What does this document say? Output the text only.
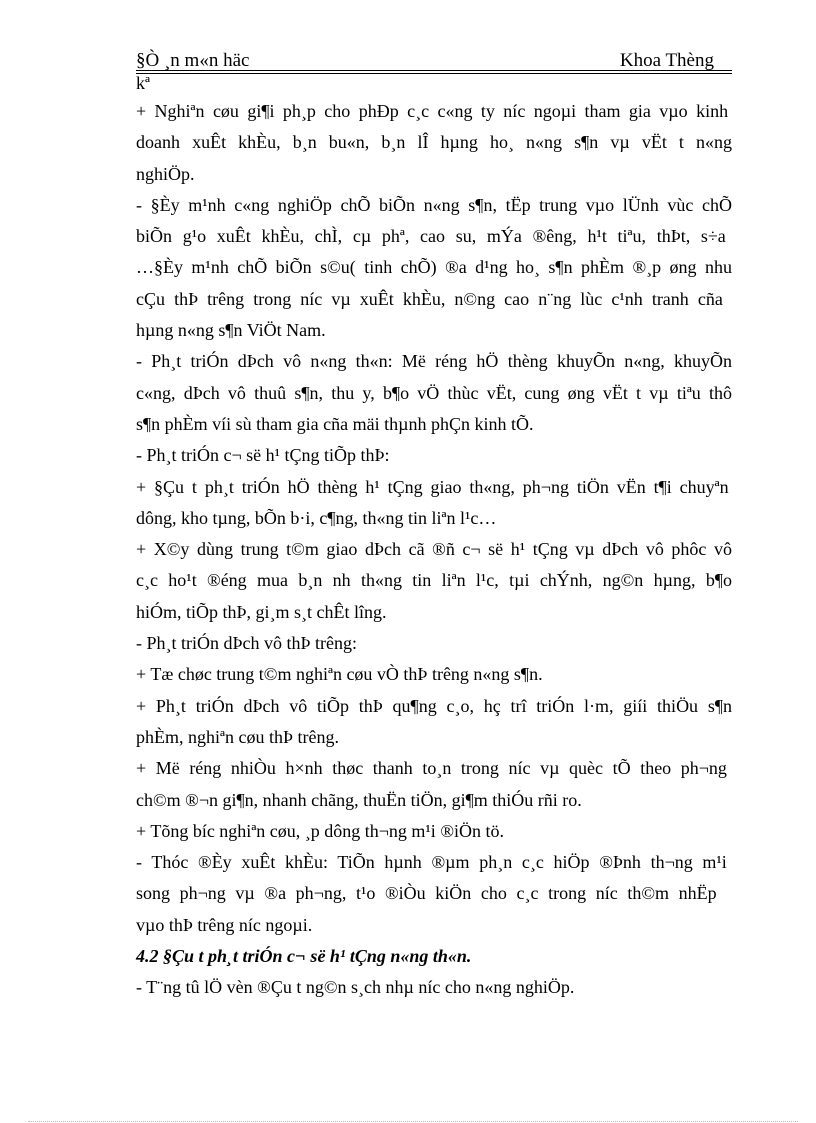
§Ò ¸n m«n häc	Khoa Thèng
kª
+ Nghiªn cøu gi¶i ph¸p cho phÐp c¸c c«ng ty níc ngoµi tham gia vµo kinh
doanh xuÊt khÈu, b¸n bu«n, b¸n lÎ hµng ho¸ n«ng s¶n vµ vËt t n«ng
nghiÖp.
- §Èy m¹nh c«ng nghiÖp chÕ biÕn n«ng s¶n, tËp trung vµo lÜnh vùc chÕ
biÕn g¹o xuÊt khÈu, chÌ, cµ phª, cao su, mÝa ®êng, h¹t tiªu, thÞt, s÷a
…§Èy m¹nh chÕ biÕn s©u( tinh chÕ) ®a d¹ng ho¸ s¶n phÈm ®¸p øng nhu
cÇu thÞ trêng trong níc vµ xuÊt khÈu, n©ng cao n¨ng lùc c¹nh tranh cña
hµng n«ng s¶n ViÖt Nam.
- Ph¸t triÓn dÞch vô n«ng th«n: Më réng hÖ thèng khuyÕn n«ng, khuyÕn
c«ng, dÞch vô thuû s¶n, thu y, b¶o vÖ thùc vËt, cung øng vËt t vµ tiªu thô
s¶n phÈm víi sù tham gia cña mäi thµnh phÇn kinh tÕ.
- Ph¸t triÓn c¬ së h¹ tÇng tiÕp thÞ:
+ §Çu t ph¸t triÓn hÖ thèng h¹ tÇng giao th«ng, ph¬ng tiÖn vËn t¶i chuyªn
dông, kho tµng, bÕn b·i, c¶ng, th«ng tin liªn l¹c…
+ X©y dùng trung t©m giao dÞch cã ®ñ c¬ së h¹ tÇng vµ dÞch vô phôc vô
c¸c ho¹t ®éng mua b¸n nh th«ng tin liªn l¹c, tµi chÝnh, ng©n hµng, b¶o
hiÓm, tiÕp thÞ, gi¸m s¸t chÊt lîng.
- Ph¸t triÓn dÞch vô thÞ trêng:
+ Tæ chøc trung t©m nghiªn cøu vÒ thÞ trêng n«ng s¶n.
+ Ph¸t triÓn dÞch vô tiÕp thÞ qu¶ng c¸o, hç trî triÓn l·m, giíi thiÖu s¶n
phÈm, nghiªn cøu thÞ trêng.
+ Më réng nhiÒu h×nh thøc thanh to¸n trong níc vµ quèc tÕ theo ph¬ng
ch©m ®¬n gi¶n, nhanh chãng, thuËn tiÖn, gi¶m thiÓu rñi ro.
+ Tõng bíc nghiªn cøu, ¸p dông th¬ng m¹i ®iÖn tö.
- Thóc ®Èy xuÊt khÈu: TiÕn hµnh ®µm ph¸n c¸c hiÖp ®Þnh th¬ng m¹i
song ph¬ng vµ ®a ph¬ng, t¹o ®iÒu kiÖn cho c¸c trong níc th©m nhËp
vµo thÞ trêng níc ngoµi.
4.2 §Çu t ph¸t triÓn c¬ së h¹ tÇng n«ng th«n.
- T¨ng tû lÖ vèn ®Çu t ng©n s¸ch nhµ níc cho n«ng nghiÖp.
